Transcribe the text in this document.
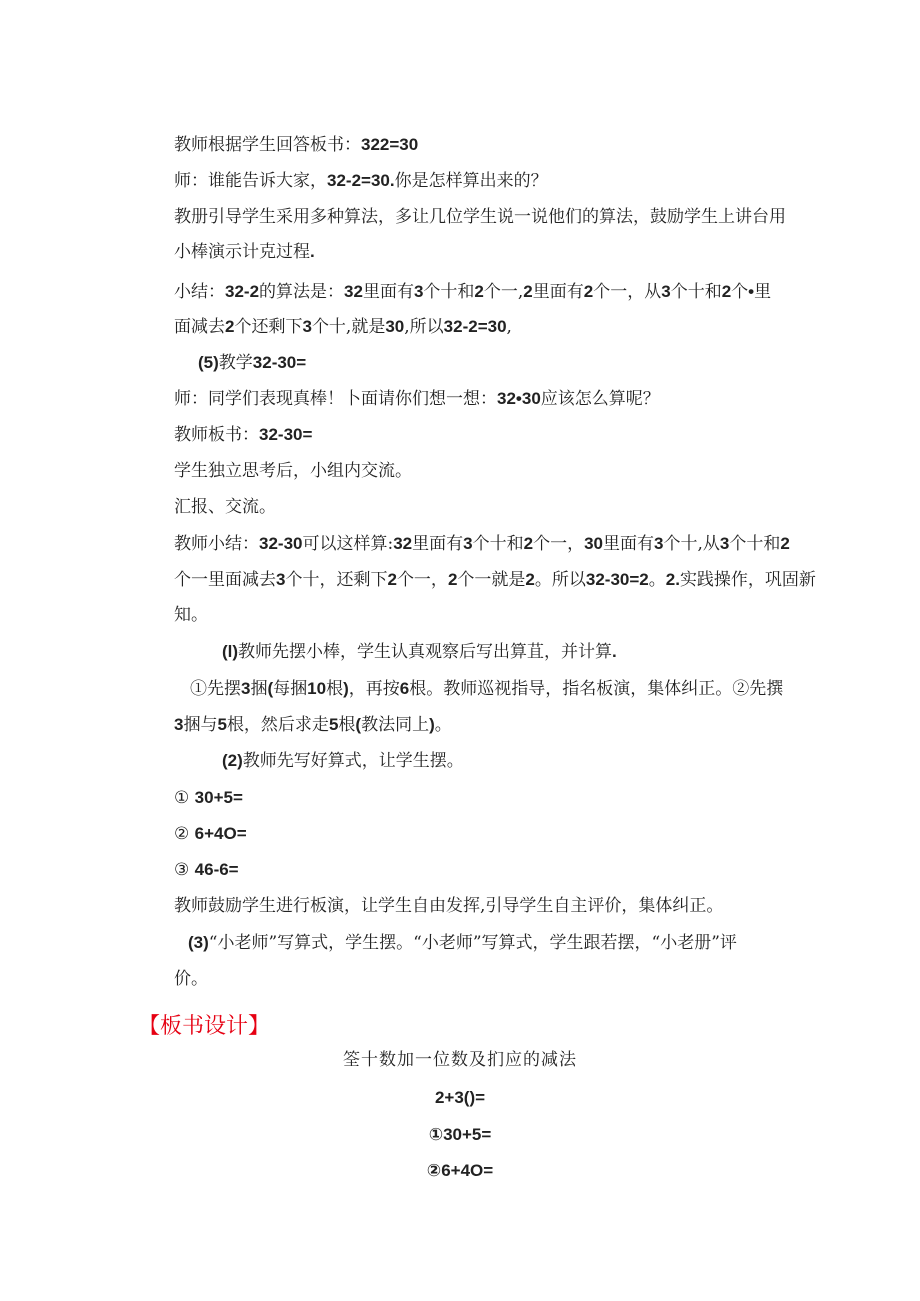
教师根据学生回答板书：322=30
师：谁能告诉大家，32-2=30.你是怎样算出来的？
教册引导学生采用多种算法，多让几位学生说一说他们的算法，鼓励学生上讲台用
小棒演示计克过程.
小结：32-2的算法是：32里面有3个十和2个一,2里面有2个一，从3个十和2个•里
面减去2个还剩下3个十,就是30,所以32-2=30,
(5)教学32-30=
师：同学们表现真棒！卜面请你们想一想：32•30应该怎么算呢？
教师板书：32-30=
学生独立思考后，小组内交流。
汇报、交流。
教师小结：32-30可以这样算:32里面有3个十和2个一，30里面有3个十,从3个十和2
个一里面减去3个十，还剩下2个一，2个一就是2。所以32-30=2。2.实践操作，巩固新
知。
(l)教师先摆小棒，学生认真观察后写出算苴，并计算.
①先摆3捆(每捆10根)，再按6根。教师巡视指导，指名板演，集体纠正。②先撰
3捆与5根，然后求走5根(教法同上)。
(2)教师先写好算式，让学生摆。
① 30+5=
② 6+4O=
③ 46-6=
教师鼓励学生进行板演，让学生自由发挥,引导学生自主评价，集体纠正。
(3)“小老师”写算式，学生摆。“小老师”写算式，学生跟若摆，“小老册”评
价。
【板书设计】
筌十数加一位数及扪应的减法
2+3()=
①30+5=
②6+4O=
